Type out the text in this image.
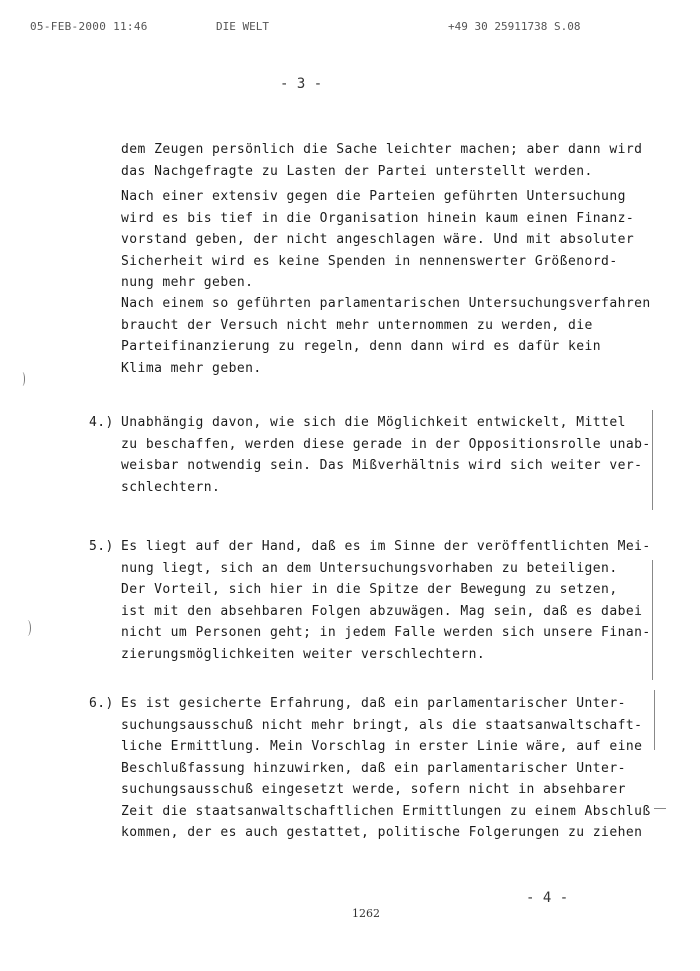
05-FEB-2000 11:46	DIE WELT	+49 30 25911738 S.08
- 3 -
dem Zeugen persönlich die Sache leichter machen; aber dann wird
das Nachgefragte zu Lasten der Partei unterstellt werden.
Nach einer extensiv gegen die Parteien geführten Untersuchung
wird es bis tief in die Organisation hinein kaum einen Finanz-
vorstand geben, der nicht angeschlagen wäre. Und mit absoluter
Sicherheit wird es keine Spenden in nennenswerter Größenord-
nung mehr geben.
Nach einem so geführten parlamentarischen Untersuchungsverfahren
braucht der Versuch nicht mehr unternommen zu werden, die
Parteifinanzierung zu regeln, denn dann wird es dafür kein
Klima mehr geben.
4.) Unabhängig davon, wie sich die Möglichkeit entwickelt, Mittel
zu beschaffen, werden diese gerade in der Oppositionsrolle unab-
weisbar notwendig sein. Das Mißverhältnis wird sich weiter ver-
schlechtern.
5.) Es liegt auf der Hand, daß es im Sinne der veröffentlichten Mei-
nung liegt, sich an dem Untersuchungsvorhaben zu beteiligen.
Der Vorteil, sich hier in die Spitze der Bewegung zu setzen,
ist mit den absehbaren Folgen abzuwägen. Mag sein, daß es dabei
nicht um Personen geht; in jedem Falle werden sich unsere Finan-
zierungsmöglichkeiten weiter verschlechtern.
6.) Es ist gesicherte Erfahrung, daß ein parlamentarischer Unter-
suchungsausschuß nicht mehr bringt, als die staatsanwaltschaft-
liche Ermittlung. Mein Vorschlag in erster Linie wäre, auf eine
Beschlußfassung hinzuwirken, daß ein parlamentarischer Unter-
suchungsausschuß eingesetzt werde, sofern nicht in absehbarer
Zeit die staatsanwaltschaftlichen Ermittlungen zu einem Abschluß
kommen, der es auch gestattet, politische Folgerungen zu ziehen
- 4 -
1262
